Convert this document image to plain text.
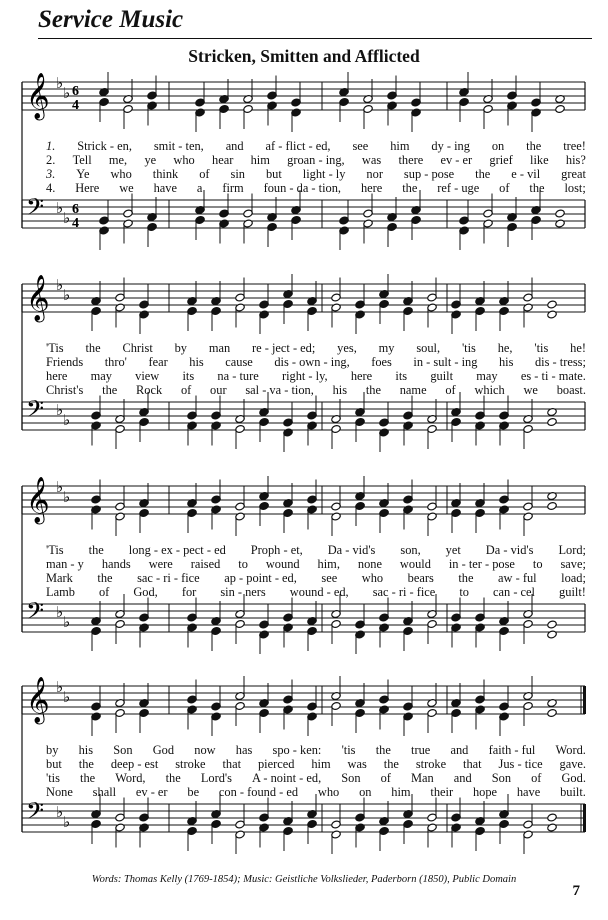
Service Music
Stricken, Smitten and Afflicted
𝄞 ♭
♭ 6
4
𝄢 ♭
♭ 6
4
1. Strick - en, smit - ten, and af - flict - ed, see him dy - ing on the tree!
2. Tell me, ye who hear him groan - ing, was there ev - er grief like his?
3. Ye who think of sin but light - ly nor sup - pose the e - vil great
4. Here we have a firm foun - da - tion, here the ref - uge of the lost;
𝄞 ♭
♭
𝄢 ♭
♭
'Tis the Christ by man re - ject - ed; yes, my soul, 'tis he, 'tis he!
Friends thro' fear his cause dis - own - ing, foes in - sult - ing his dis - tress;
here may view its na - ture right - ly, here its guilt may es - ti - mate.
Christ's the Rock of our sal - va - tion, his the name of which we boast.
𝄞 ♭
♭
𝄢 ♭
♭
'Tis the long - ex - pect - ed Proph - et, Da - vid's son, yet Da - vid's Lord;
man - y hands were raised to wound him, none would in - ter - pose to save;
Mark the sac - ri - fice ap - point - ed, see who bears the aw - ful load;
Lamb of God, for sin - ners wound - ed, sac - ri - fice to can - cel guilt!
𝄞 ♭
♭
𝄢 ♭
♭
by his Son God now has spo - ken: 'tis the true and faith - ful Word.
but the deep - est stroke that pierced him was the stroke that Jus - tice gave.
'tis the Word, the Lord's A - noint - ed, Son of Man and Son of God.
None shall ev - er be con - found - ed who on him their hope have built.
Words: Thomas Kelly (1769-1854); Music: Geistliche Volkslieder, Paderborn (1850), Public Domain
7
